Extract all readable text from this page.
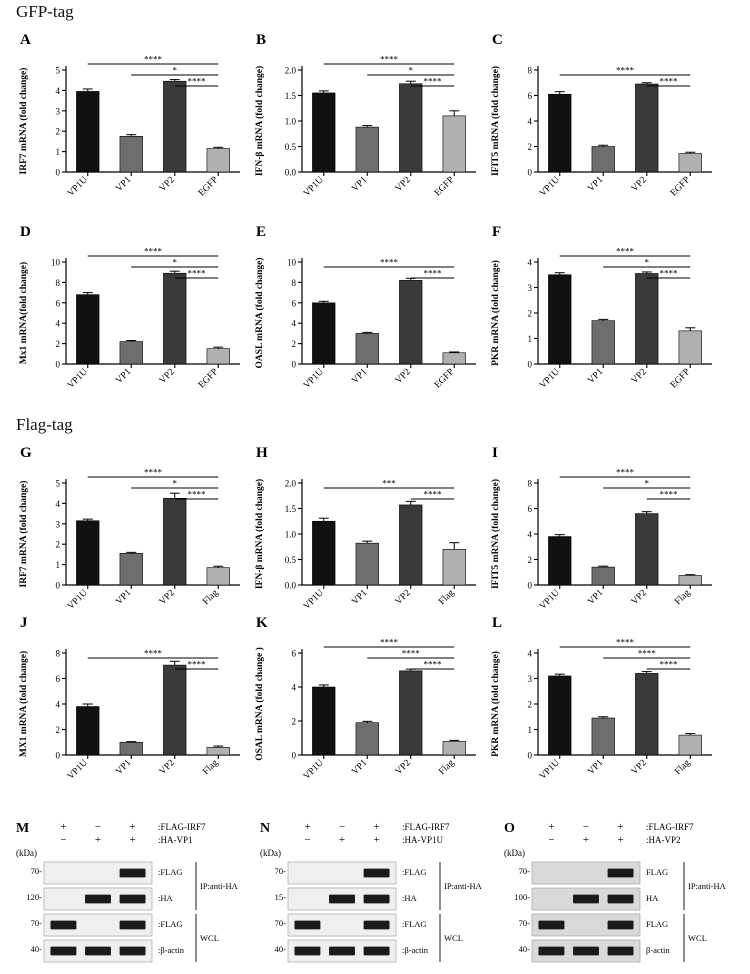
GFP-tag
Flag-tag
A
0
1
2
3
4
5
VP1U	VP1	VP2 EGFP
****
*
****
IRF7 mRNA (fold change)
B
0.0
0.5
1.0
1.5
2.0
VP1U	VP1	VP2 EGFP
****
*
****
IFN-β mRNA (fold change)
C
0
2
4
6
8
VP1U	VP1	VP2 EGFP
****
****
IFIT5 mRNA (fold change)
D
0
2
4
6
8
10
VP1U	VP1	VP2 EGFP
****
*
****
Mx1 mRNA(fold change)
E
0
2
4
6
8
10
VP1U	VP1	VP2 EGFP
****
****
OASL mRNA (fold change)
F
0
1
2
3
4
VP1U	VP1	VP2 EGFP
****
*
****
PKR mRNA (fold change)
G
0
1
2
3
4
5
VP1U	VP1	VP2	Flag
****
*
****
IRF7 mRNA (fold change)
H
0.0
0.5
1.0
1.5
2.0
VP1U	VP1	VP2	Flag
***
****
IFN-β mRNA (fold change)
I
0
2
4
6
8
VP1U	VP1	VP2	Flag
****
*
****
IFIT5 mRNA (fold change)
J
0
2
4
6
8
VP1U	VP1	VP2	Flag
****
****
MX1 mRNA (fold change)
K
0
2
4
6
VP1U	VP1	VP2	Flag
****
****
****
OSAL mRNA (fold change )
L
0
1
2
3
4
VP1U	VP1	VP2	Flag
****
****
****
PKR mRNA (fold change)
M	+	−	+ :FLAG-IRF7
−	+	+ :HA-VP1
(kDa)
70-	:FLAG
120-	:HA
70-	:FLAG
40-	:β-actin
IP:anti-HA
WCL
N	+	−	+ :FLAG-IRF7
−	+	+ :HA-VP1U
(kDa)
70-	:FLAG
15-	:HA
70-	:FLAG
40-	:β-actin
IP:anti-HA
WCL
O	+	−	+ :FLAG-IRF7
−	+	+ :HA-VP2
(kDa)
70-	FLAG
100-	HA
70-	FLAG
40-	β-actin
IP:anti-HA
WCL
